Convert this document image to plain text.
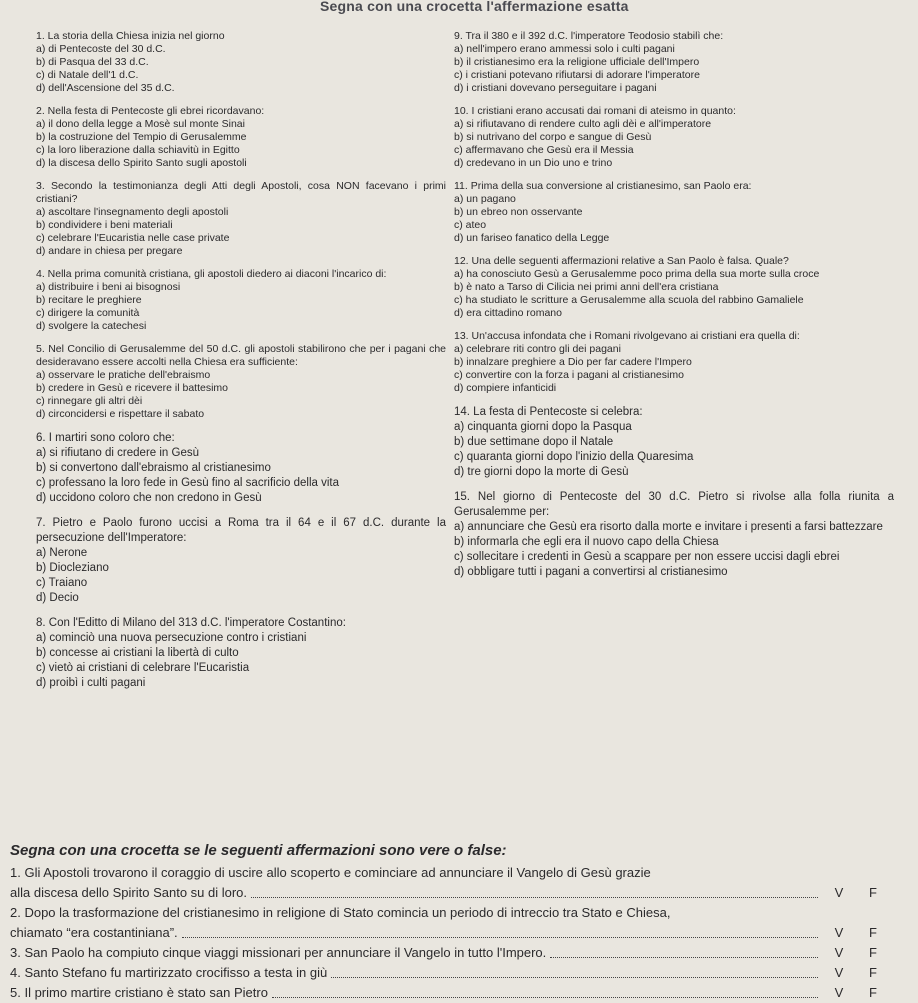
Segna con una crocetta l'affermazione esatta
1. La storia della Chiesa inizia nel giorno
a) di Pentecoste del 30 d.C.
b) di Pasqua del 33 d.C.
c) di Natale dell'1 d.C.
d) dell'Ascensione del 35 d.C.
2. Nella festa di Pentecoste gli ebrei ricordavano:
a) il dono della legge a Mosè sul monte Sinai
b) la costruzione del Tempio di Gerusalemme
c) la loro liberazione dalla schiavitù in Egitto
d) la discesa dello Spirito Santo sugli apostoli
3. Secondo la testimonianza degli Atti degli Apostoli, cosa NON facevano i primi cristiani?
a) ascoltare l'insegnamento degli apostoli
b) condividere i beni materiali
c) celebrare l'Eucaristia nelle case private
d) andare in chiesa per pregare
4. Nella prima comunità cristiana, gli apostoli diedero ai diaconi l'incarico di:
a) distribuire i beni ai bisognosi
b) recitare le preghiere
c) dirigere la comunità
d) svolgere la catechesi
5. Nel Concilio di Gerusalemme del 50 d.C. gli apostoli stabilirono che per i pagani che desideravano essere accolti nella Chiesa era sufficiente:
a) osservare le pratiche dell'ebraismo
b) credere in Gesù e ricevere il battesimo
c) rinnegare gli altri dèi
d) circoncidersi e rispettare il sabato
6. I martiri sono coloro che:
a) si rifiutano di credere in Gesù
b) si convertono dall'ebraismo al cristianesimo
c) professano la loro fede in Gesù fino al sacrificio della vita
d) uccidono coloro che non credono in Gesù
7. Pietro e Paolo furono uccisi a Roma tra il 64 e il 67 d.C. durante la persecuzione dell'Imperatore:
a) Nerone
b) Diocleziano
c) Traiano
d) Decio
8. Con l'Editto di Milano del 313 d.C. l'imperatore Costantino:
a) cominciò una nuova persecuzione contro i cristiani
b) concesse ai cristiani la libertà di culto
c) vietò ai cristiani di celebrare l'Eucaristia
d) proibì i culti pagani
9. Tra il 380 e il 392 d.C. l'imperatore Teodosio stabilì che:
a) nell'impero erano ammessi solo i culti pagani
b) il cristianesimo era la religione ufficiale dell'Impero
c) i cristiani potevano rifiutarsi di adorare l'imperatore
d) i cristiani dovevano perseguitare i pagani
10. I cristiani erano accusati dai romani di ateismo in quanto:
a) si rifiutavano di rendere culto agli dèi e all'imperatore
b) si nutrivano del corpo e sangue di Gesù
c) affermavano che Gesù era il Messia
d) credevano in un Dio uno e trino
11. Prima della sua conversione al cristianesimo, san Paolo era:
a) un pagano
b) un ebreo non osservante
c) ateo
d) un fariseo fanatico della Legge
12. Una delle seguenti affermazioni relative a San Paolo è falsa. Quale?
a) ha conosciuto Gesù a Gerusalemme poco prima della sua morte sulla croce
b) è nato a Tarso di Cilicia nei primi anni dell'era cristiana
c) ha studiato le scritture a Gerusalemme alla scuola del rabbino Gamaliele
d) era cittadino romano
13. Un'accusa infondata che i Romani rivolgevano ai cristiani era quella di:
a) celebrare riti contro gli dei pagani
b) innalzare preghiere a Dio per far cadere l'Impero
c) convertire con la forza i pagani al cristianesimo
d) compiere infanticidi
14. La festa di Pentecoste si celebra:
a) cinquanta giorni dopo la Pasqua
b) due settimane dopo il Natale
c) quaranta giorni dopo l'inizio della Quaresima
d) tre giorni dopo la morte di Gesù
15. Nel giorno di Pentecoste del 30 d.C. Pietro si rivolse alla folla riunita a Gerusalemme per:
a) annunciare che Gesù era risorto dalla morte e invitare i presenti a farsi battezzare
b) informarla che egli era il nuovo capo della Chiesa
c) sollecitare i credenti in Gesù a scappare per non essere uccisi dagli ebrei
d) obbligare tutti i pagani a convertirsi al cristianesimo
Segna con una crocetta se le seguenti affermazioni sono vere o false:
1. Gli Apostoli trovarono il coraggio di uscire allo scoperto e cominciare ad annunciare il Vangelo di Gesù grazie
alla discesa dello Spirito Santo su di loro.	V	F
2. Dopo la trasformazione del cristianesimo in religione di Stato comincia un periodo di intreccio tra Stato e Chiesa,
chiamato “era costantiniana”.	V	F
3. San Paolo ha compiuto cinque viaggi missionari per annunciare il Vangelo in tutto l'Impero.	V	F
4. Santo Stefano fu martirizzato crocifisso a testa in giù	V	F
5. Il primo martire cristiano è stato san Pietro	V	F
